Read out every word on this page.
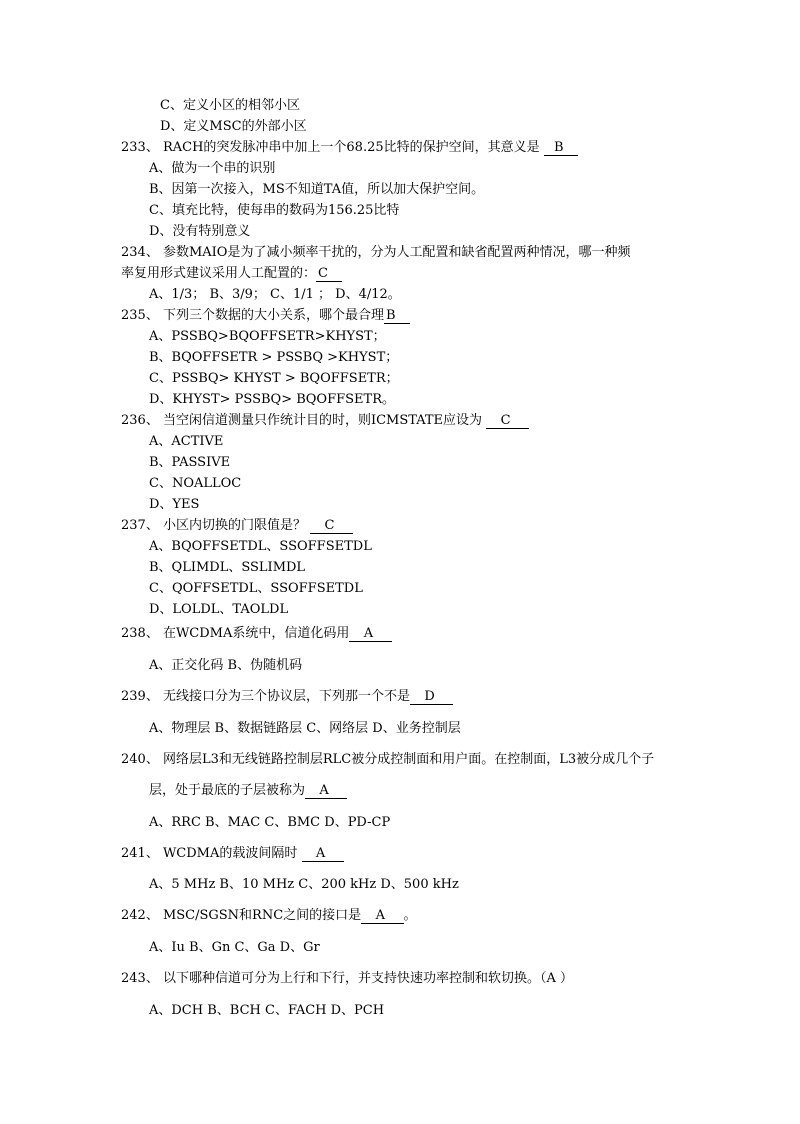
C、定义小区的相邻小区
D、定义MSC的外部小区
233、 RACH的突发脉冲串中加上一个68.25比特的保护空间，其意义是   B
A、做为一个串的识别
B、因第一次接入，MS不知道TA值，所以加大保护空间。
C、填充比特，使每串的数码为156.25比特
D、没有特别意义
234、 参数MAIO是为了减小频率干扰的，分为人工配置和缺省配置两种情况，哪一种频
率复用形式建议采用人工配置的： C
A、1/3； B、3/9； C、1/1 ； D、4/12。
235、 下列三个数据的大小关系，哪个最合理 B
A、PSSBQ>BQOFFSETR>KHYST；
B、BQOFFSETR > PSSBQ >KHYST；
C、PSSBQ> KHYST > BQOFFSETR；
D、KHYST> PSSBQ> BQOFFSETR。
236、 当空闲信道测量只作统计目的时，则ICMSTATE应设为    C
A、ACTIVE
B、PASSIVE
C、NOALLOC
D、YES
237、 小区内切换的门限值是？    C
A、BQOFFSETDL、SSOFFSETDL
B、QLIMDL、SSLIMDL
C、QOFFSETDL、SSOFFSETDL
D、LOLDL、TAOLDL
238、 在WCDMA系统中，信道化码用 A
A、正交化码 B、伪随机码
239、 无线接口分为三个协议层，下列那一个不是 D
A、物理层 B、数据链路层 C、网络层 D、业务控制层
240、 网络层L3和无线链路控制层RLC被分成控制面和用户面。在控制面，L3被分成几个子
层，处于最底的子层被称为 A
A、RRC B、MAC C、BMC D、PD-CP
241、 WCDMA的载波间隔时    A
A、5 MHz B、10 MHz C、200 kHz D、500 kHz
242、 MSC/SGSN和RNC之间的接口是 A 。
A、Iu B、Gn C、Ga D、Gr
243、 以下哪种信道可分为上行和下行，并支持快速功率控制和软切换。（A ）
A、DCH B、BCH C、FACH D、PCH
